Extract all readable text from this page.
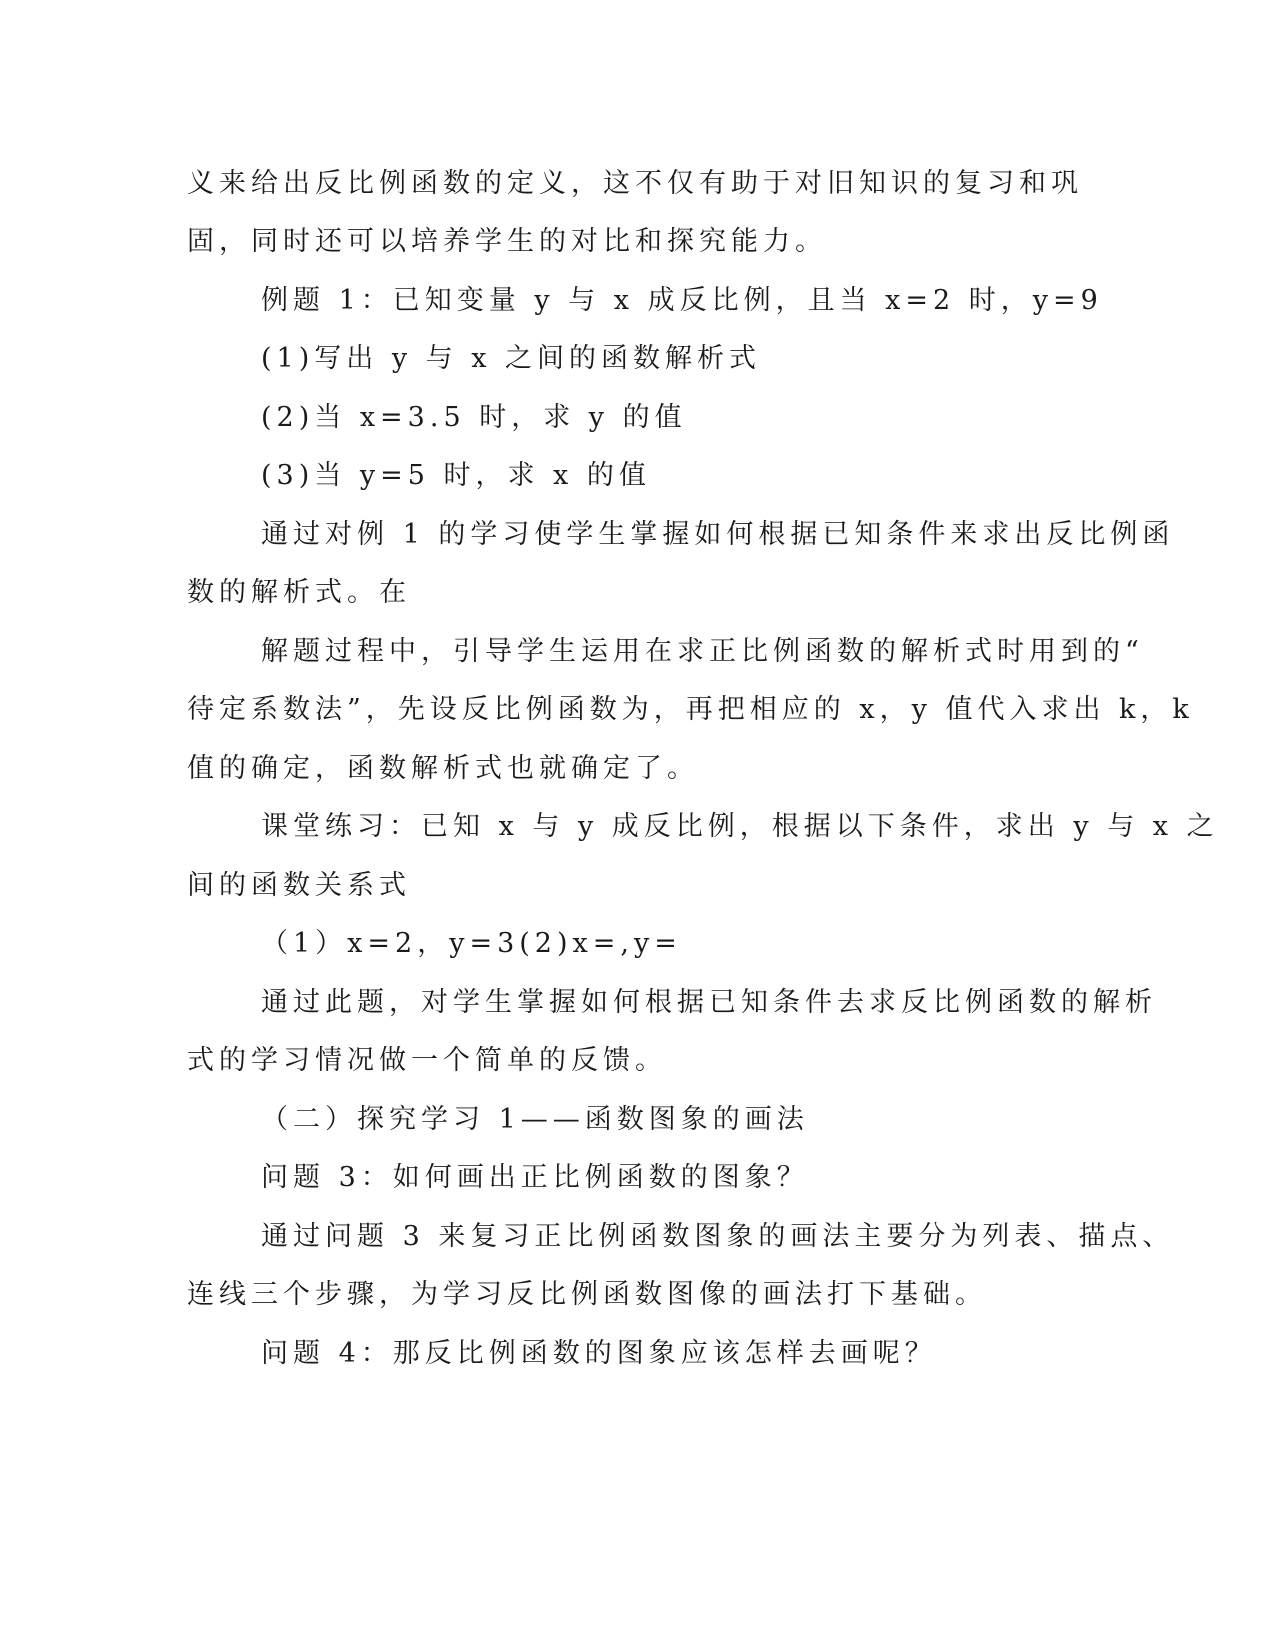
义来给出反比例函数的定义，这不仅有助于对旧知识的复习和巩
固，同时还可以培养学生的对比和探究能力。
例题 1：已知变量 y 与 x 成反比例，且当 x=2 时，y=9
(1)写出 y 与 x 之间的函数解析式
(2)当 x=3.5 时，求 y 的值
(3)当 y=5 时，求 x 的值
通过对例 1 的学习使学生掌握如何根据已知条件来求出反比例函
数的解析式。在
解题过程中，引导学生运用在求正比例函数的解析式时用到的“
待定系数法”，先设反比例函数为，再把相应的 x，y 值代入求出 k，k
值的确定，函数解析式也就确定了。
课堂练习：已知 x 与 y 成反比例，根据以下条件，求出 y 与 x 之
间的函数关系式
（1）x=2，y=3(2)x=,y=
通过此题，对学生掌握如何根据已知条件去求反比例函数的解析
式的学习情况做一个简单的反馈。
（二）探究学习 1——函数图象的画法
问题 3：如何画出正比例函数的图象？
通过问题 3 来复习正比例函数图象的画法主要分为列表、描点、
连线三个步骤，为学习反比例函数图像的画法打下基础。
问题 4：那反比例函数的图象应该怎样去画呢？
